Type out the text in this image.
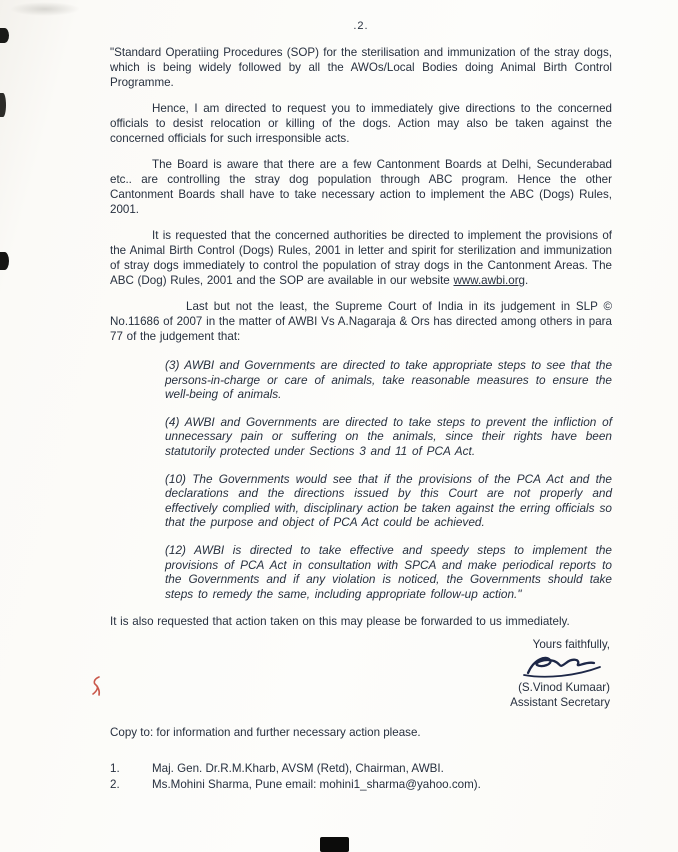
.2.

"Standard Operatiing Procedures (SOP) for the sterilisation and immunization of the stray dogs, which is being widely followed by all the AWOs/Local Bodies doing Animal Birth Control Programme.

Hence, I am directed to request you to immediately give directions to the concerned officials to desist relocation or killing of the dogs. Action may also be taken against the concerned officials for such irresponsible acts.

The Board is aware that there are a few Cantonment Boards at Delhi, Secunderabad etc.. are controlling the stray dog population through ABC program. Hence the other Cantonment Boards shall have to take necessary action to implement the ABC (Dogs) Rules, 2001.

It is requested that the concerned authorities be directed to implement the provisions of the Animal Birth Control (Dogs) Rules, 2001 in letter and spirit for sterilization and immunization of stray dogs immediately to control the population of stray dogs in the Cantonment Areas. The ABC (Dog) Rules, 2001 and the SOP are available in our website www.awbi.org.

Last but not the least, the Supreme Court of India in its judgement in SLP © No.11686 of 2007 in the matter of AWBI Vs A.Nagaraja & Ors has directed among others in para 77 of the judgement that:

(3) AWBI and Governments are directed to take appropriate steps to see that the persons-in-charge or care of animals, take reasonable measures to ensure the well-being of animals.

(4) AWBI and Governments are directed to take steps to prevent the infliction of unnecessary pain or suffering on the animals, since their rights have been statutorily protected under Sections 3 and 11 of PCA Act.

(10) The Governments would see that if the provisions of the PCA Act and the declarations and the directions issued by this Court are not properly and effectively complied with, disciplinary action be taken against the erring officials so that the purpose and object of PCA Act could be achieved.

(12) AWBI is directed to take effective and speedy steps to implement the provisions of PCA Act in consultation with SPCA and make periodical reports to the Governments and if any violation is noticed, the Governments should take steps to remedy the same, including appropriate follow-up action."

It is also requested that action taken on this may please be forwarded to us immediately.

Yours faithfully,
(S.Vinod Kumaar)
Assistant Secretary

Copy to: for information and further necessary action please.

1.	Maj. Gen. Dr.R.M.Kharb, AVSM (Retd), Chairman, AWBI.
2.	Ms.Mohini Sharma, Pune email: mohini1_sharma@yahoo.com).
